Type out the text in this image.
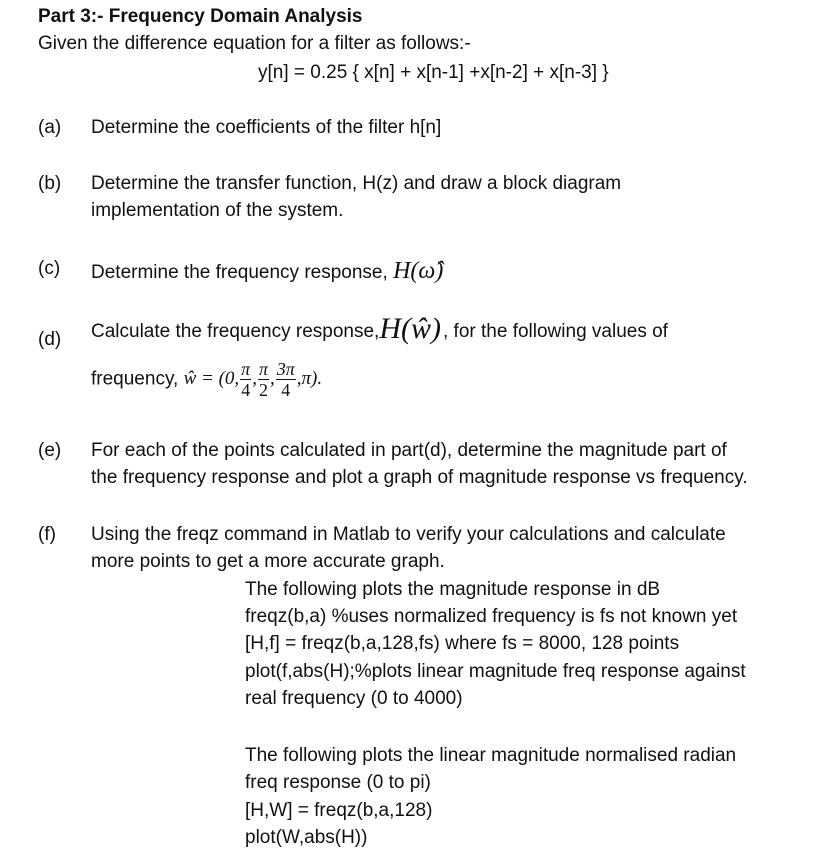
Part 3:- Frequency Domain Analysis
Given the difference equation for a filter as follows:-
y[n] = 0.25 { x[n] + x[n-1] +x[n-2] + x[n-3] }
(a) Determine the coefficients of the filter h[n]
(b) Determine the transfer function, H(z) and draw a block diagram
implementation of the system.
(c) Determine the frequency response, H(ω̂)
(d) Calculate the frequency response,H(ŵ) , for the following values of
frequency, ŵ = (0, $\frac{\pi}{4}$ , $\frac{\pi}{2}$ , $\frac{3\pi}{4} ,\pi$).
(e) For each of the points calculated in part(d), determine the magnitude part of
the frequency response and plot a graph of magnitude response vs frequency.
(f) Using the freqz command in Matlab to verify your calculations and calculate
more points to get a more accurate graph.
The following plots the magnitude response in dB
freqz(b,a) %uses normalized frequency is fs not known yet
[H,f] = freqz(b,a,128,fs) where fs = 8000, 128 points
plot(f,abs(H);%plots linear magnitude freq response against
real frequency (0 to 4000)
The following plots the linear magnitude normalised radian
freq response (0 to pi)
[H,W] = freqz(b,a,128)
plot(W,abs(H))
